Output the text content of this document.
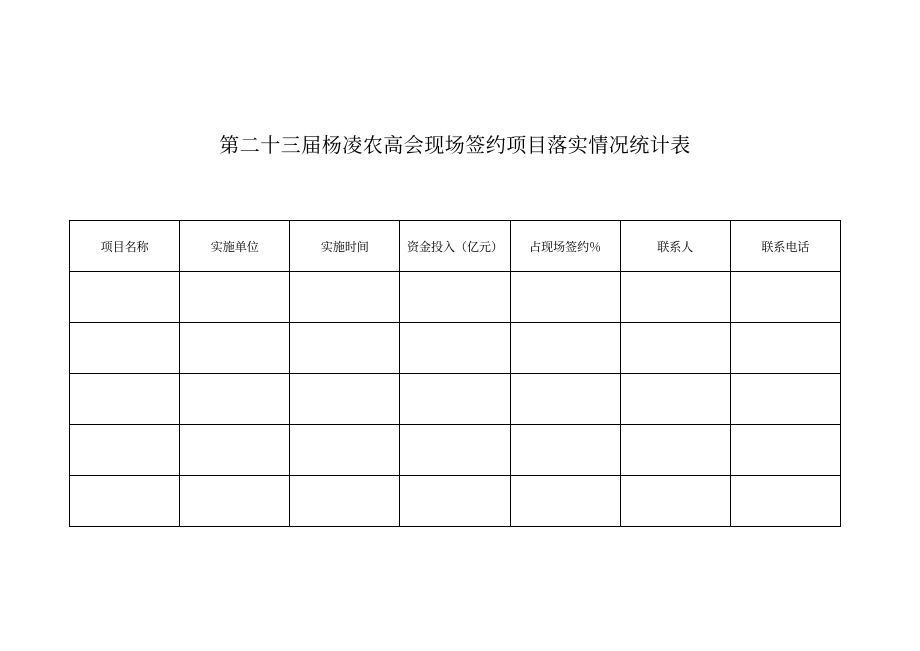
第二十三届杨凌农高会现场签约项目落实情况统计表
项目名称	实施单位	实施时间	资金投入（亿元）	占现场签约％	联系人	联系电话
